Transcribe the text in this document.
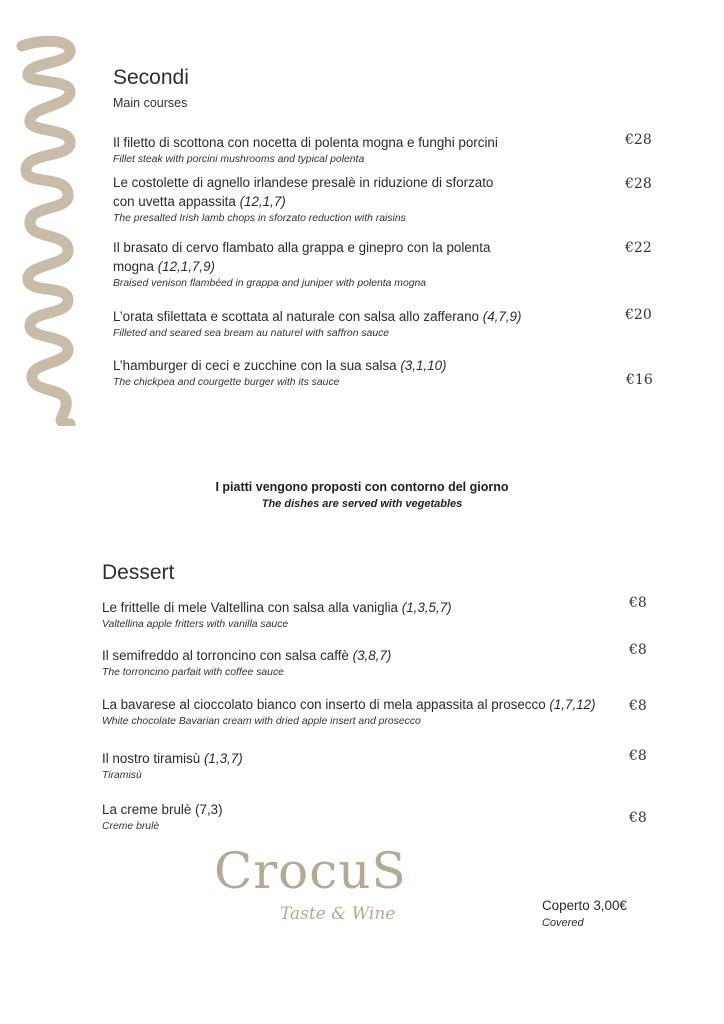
Secondi
Main courses
Il filetto di scottona con nocetta di polenta mogna e funghi porcini
Fillet steak with porcini mushrooms and typical polenta
€28
Le costolette di agnello irlandese presalè in riduzione di sforzato
con uvetta appassita (12,1,7)
The presalted Irish lamb chops in sforzato reduction with raisins
€28
Il brasato di cervo flambato alla grappa e ginepro con la polenta
mogna (12,1,7,9)
Braised venison flambéed in grappa and juniper with polenta mogna
€22
L’orata sfilettata e scottata al naturale con salsa allo zafferano (4,7,9)
Filleted and seared sea bream au naturel with saffron sauce
€20
L’hamburger di ceci e zucchine con la sua salsa (3,1,10)
The chickpea and courgette burger with its sauce	€16
I piatti vengono proposti con contorno del giorno
The dishes are served with vegetables
Dessert
Le frittelle di mele Valtellina con salsa alla vaniglia (1,3,5,7)
Valtellina apple fritters with vanilla sauce
€8
Il semifreddo al torroncino con salsa caffè (3,8,7)
The torroncino parfait with coffee sauce
€8
La bavarese al cioccolato bianco con inserto di mela appassita al prosecco (1,7,12)
White chocolate Bavarian cream with dried apple insert and prosecco
€8
Il nostro tiramisù (1,3,7)
Tiramisù
€8
La creme brulè (7,3)
Creme brulè
€8
CrocuS
Taste & Wine	Coperto 3,00€
Covered
